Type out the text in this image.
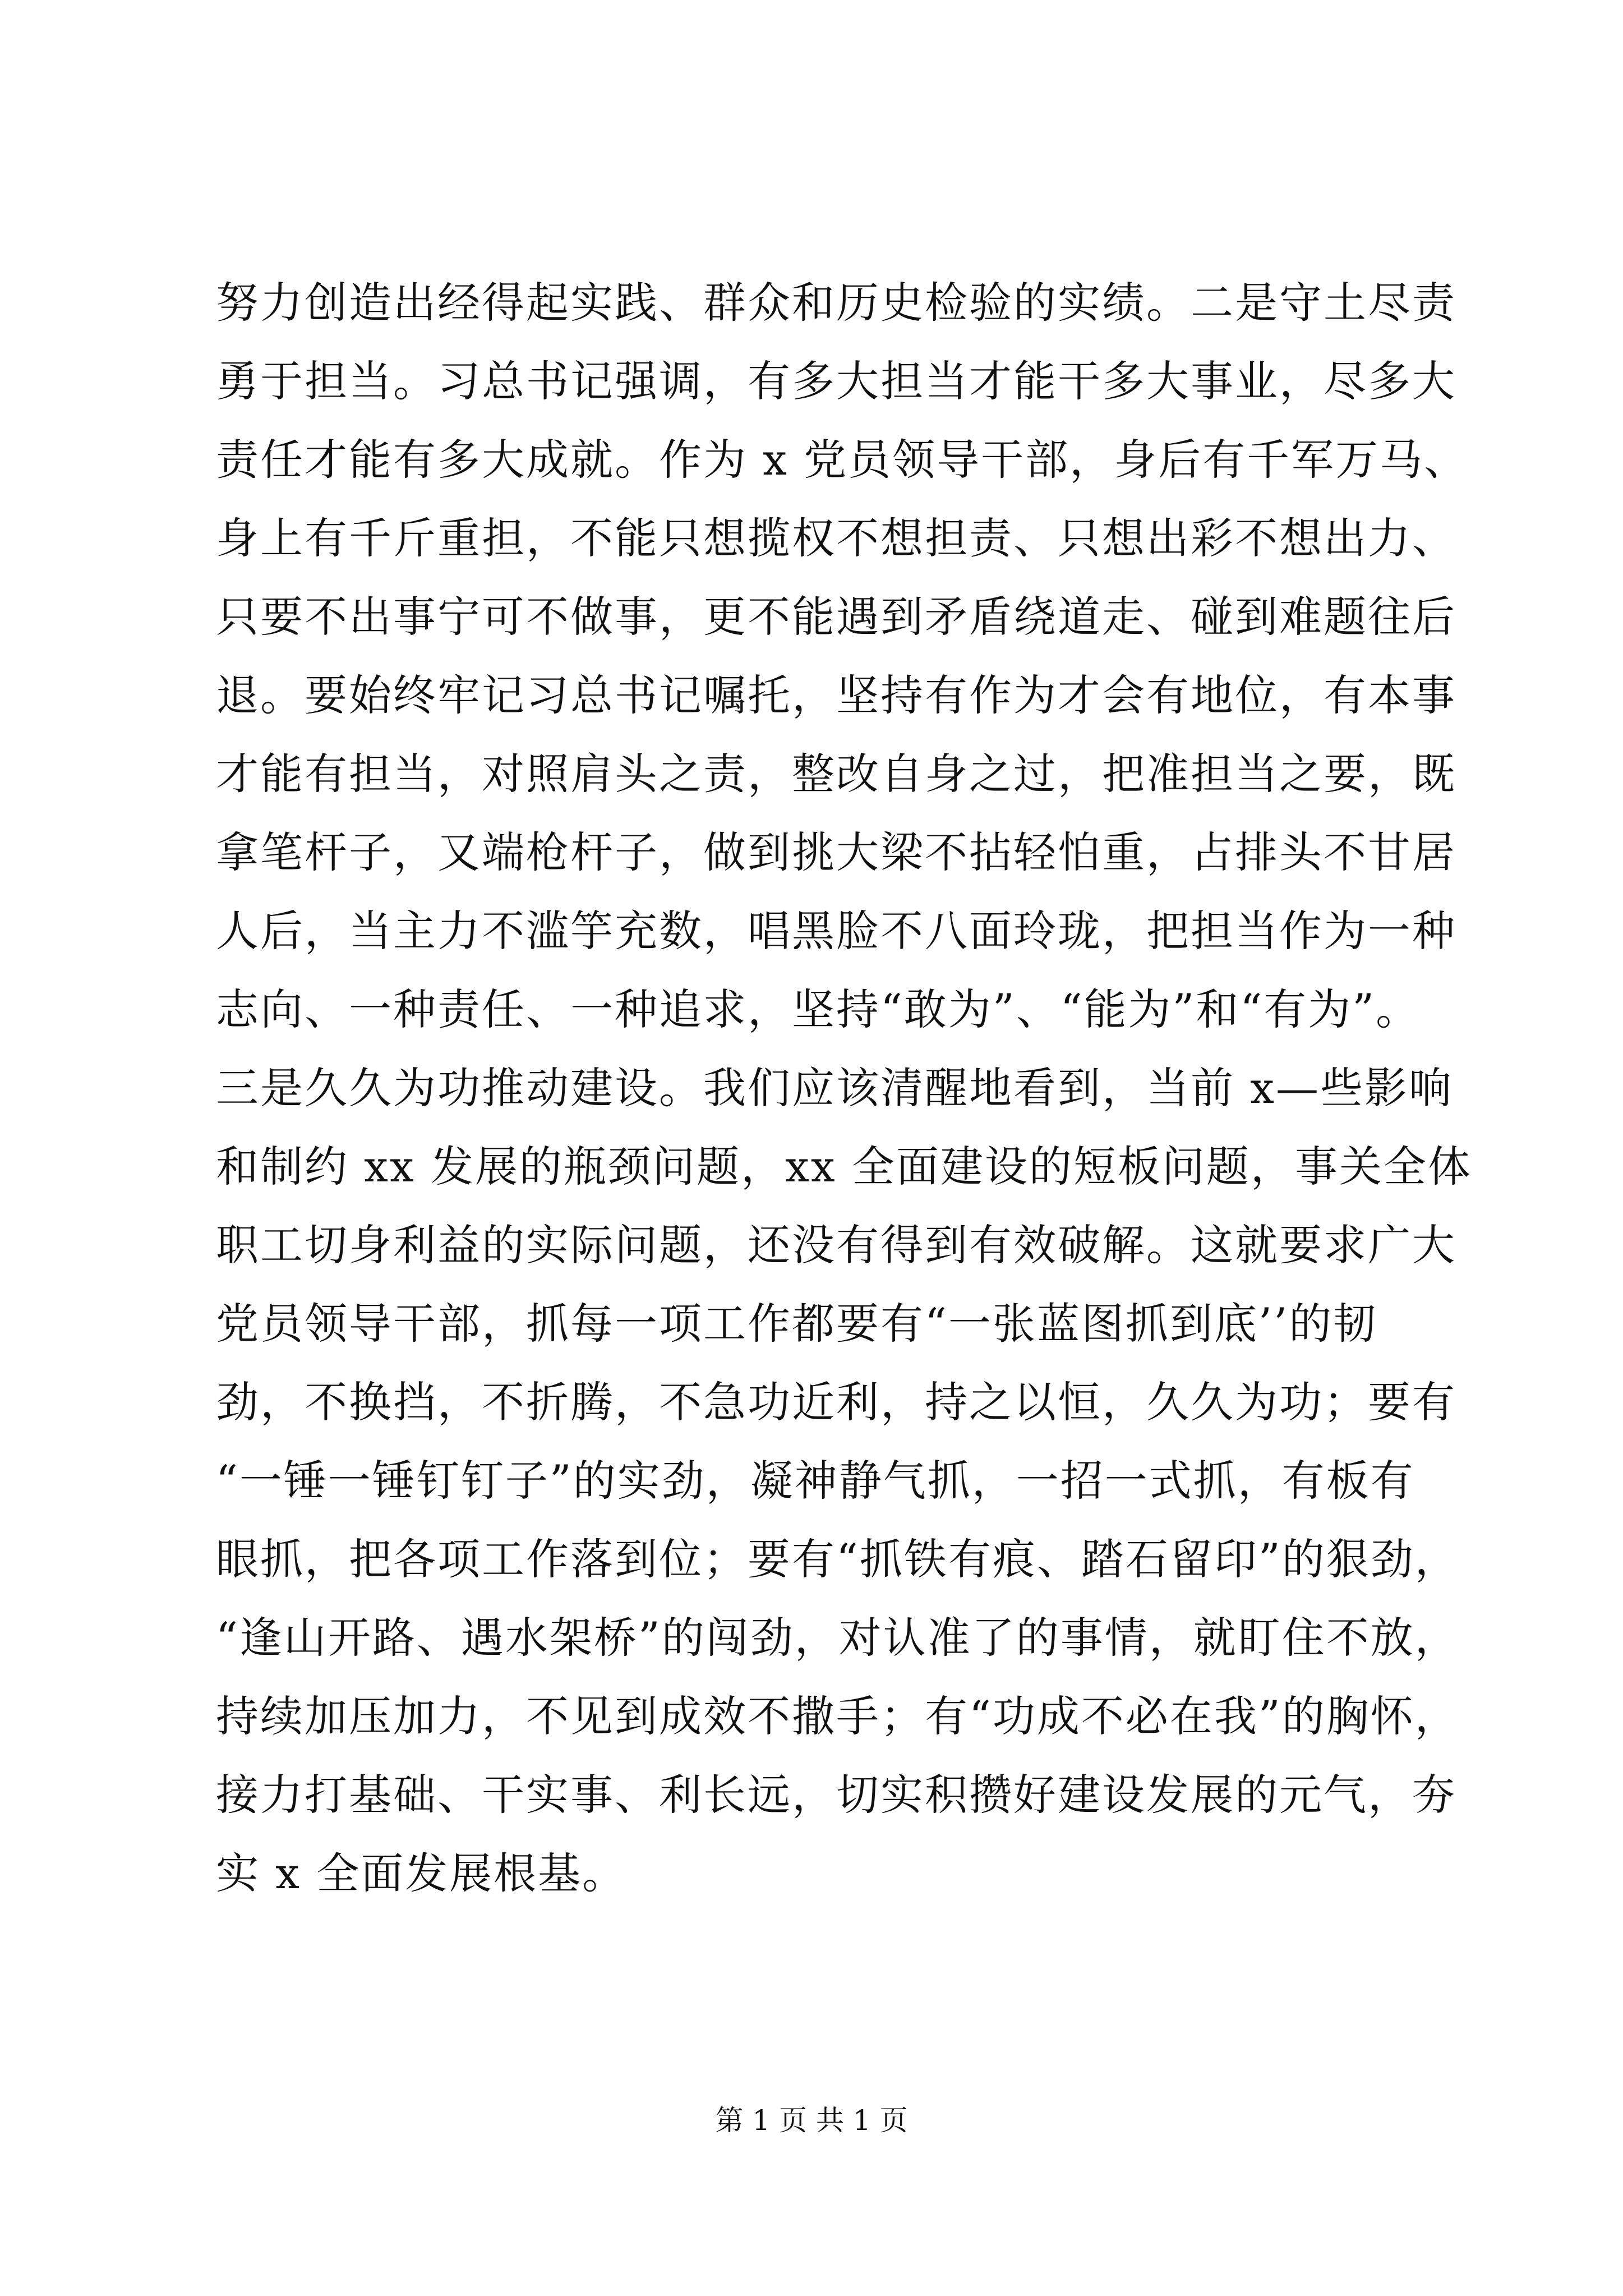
努力创造出经得起实践、群众和历史检验的实绩。二是守土尽责
勇于担当。习总书记强调，有多大担当才能干多大事业，尽多大
责任才能有多大成就。作为 x 党员领导干部，身后有千军万马、
身上有千斤重担，不能只想揽权不想担责、只想出彩不想出力、
只要不出事宁可不做事，更不能遇到矛盾绕道走、碰到难题往后
退。要始终牢记习总书记嘱托，坚持有作为才会有地位，有本事
才能有担当，对照肩头之责，整改自身之过，把准担当之要，既
拿笔杆子，又端枪杆子，做到挑大梁不拈轻怕重，占排头不甘居
人后，当主力不滥竽充数，唱黑脸不八面玲珑，把担当作为一种
志向、一种责任、一种追求，坚持“敢为”、“能为”和“有为”。
三是久久为功推动建设。我们应该清醒地看到，当前 x—些影响
和制约 xx 发展的瓶颈问题，xx 全面建设的短板问题，事关全体
职工切身利益的实际问题，还没有得到有效破解。这就要求广大
党员领导干部，抓每一项工作都要有“一张蓝图抓到底’’的韧
劲，不换挡，不折腾，不急功近利，持之以恒，久久为功；要有
“一锤一锤钉钉子”的实劲，凝神静气抓，一招一式抓，有板有
眼抓，把各项工作落到位；要有“抓铁有痕、踏石留印”的狠劲，
“逢山开路、遇水架桥”的闯劲，对认准了的事情，就盯住不放，
持续加压加力，不见到成效不撒手；有“功成不必在我”的胸怀，
接力打基础、干实事、利长远，切实积攒好建设发展的元气，夯
实 x 全面发展根基。
第 1 页 共 1 页
